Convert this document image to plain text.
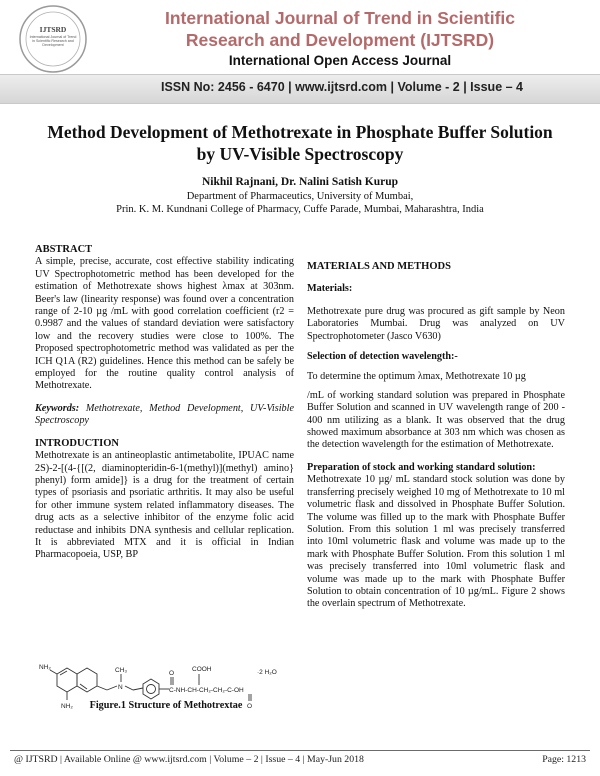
IJTSRD
International Journal of Trend in Scientific Research and Development
International Journal of Trend in Scientific
Research and Development (IJTSRD)
International Open Access Journal
ISSN No: 2456 - 6470 | www.ijtsrd.com | Volume - 2 | Issue – 4
Method Development of Methotrexate in Phosphate Buffer Solution
by UV-Visible Spectroscopy
Nikhil Rajnani, Dr. Nalini Satish Kurup
Department of Pharmaceutics, University of Mumbai,
Prin. K. M. Kundnani College of Pharmacy, Cuffe Parade, Mumbai, Maharashtra, India

ABSTRACT

A simple, precise, accurate, cost effective stability indicating UV Spectrophotometric method has been developed for the estimation of Methotrexate shows highest λmax at 303nm. Beer's law (linearity response) was found over a concentration range of 2-10 µg /mL with good correlation coefficient (r2 = 0.9987 and the values of standard deviation were satisfactory low and the recovery studies were close to 100%. The Proposed spectrophotometric method was validated as per the ICH Q1A (R2) guidelines. Hence this method can be safely be employed for the routine quality control analysis of Methotrexate.

Keywords: Methotrexate, Method Development, UV-Visible Spectroscopy

INTRODUCTION

Methotrexate is an antineoplastic antimetabolite, IPUAC name 2S)-2-[(4-{[(2, diaminopteridin-6-1(methyl)](methyl) amino} phenyl) form amide]} is a drug for the treatment of certain types of psoriasis and psoriatic arthritis. It may also be useful for other immune system related inflammatory diseases. The drug acts as a selective inhibitor of the enzyme folic acid reductase and inhibits DNA synthesis and cellular replication. It is abbreviated MTX and it is official in Indian Pharmacopoeia, USP, BP

NH₂
NH₂
N
CH₃	O
COOH
C-NH-CH-CH₂-CH₂-C-OH
O
·2 H₂O
Figure.1 Structure of Methotrextae

MATERIALS AND METHODS

Materials:

Methotrexate pure drug was procured as gift sample by Neon Laboratories Mumbai. Drug was analyzed on UV Spectrophotometer (Jasco V630)

Selection of detection wavelength:-

To determine the optimum λmax, Methotrexate 10 µg

/mL of working standard solution was prepared in Phosphate Buffer Solution and scanned in UV wavelength range of 200 - 400 nm utilizing as a blank. It was observed that the drug showed maximum absorbance at 303 nm which was chosen as the detection wavelength for the estimation of Methotrexate.

Preparation of stock and working standard solution:

Methotrexate 10 µg/ mL standard stock solution was done by transferring precisely weighed 10 mg of Methotrexate to 10 ml volumetric flask and dissolved in Phosphate Buffer Solution. The volume was filled up to the mark with Phosphate Buffer Solution. From this solution 1 ml was precisely transferred into 10ml volumetric flask and volume was made up to the mark with Phosphate Buffer Solution. From this solution 1 ml was precisely transferred into 10ml volumetric flask and volume was made up to the mark with Phosphate Buffer Solution to obtain concentration of 10 µg/mL. Figure 2 shows the overlain spectrum of Methotrexate.

@ IJTSRD | Available Online @ www.ijtsrd.com | Volume – 2 | Issue – 4 | May-Jun 2018	Page: 1213
